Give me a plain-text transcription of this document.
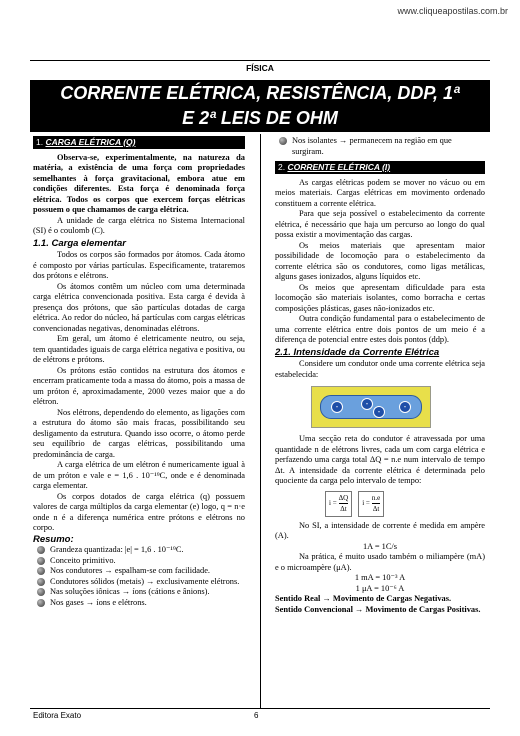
www.cliqueapostilas.com.br
FÍSICA
CORRENTE ELÉTRICA, RESISTÊNCIA, DDP, 1ª
E 2ª LEIS DE OHM
1. CARGA ELÉTRICA (Q)

Observa-se, experimentalmente, na natureza da matéria, a existência de uma força com propriedades semelhantes à força gravitacional, embora atue em condições diferentes. Esta força é denominada força elétrica. Todos os corpos que exercem forças elétricas possuem o que chamamos de carga elétrica.

A unidade de carga elétrica no Sistema Internacional (SI) é o coulomb (C).

1.1. Carga elementar

Todos os corpos são formados por átomos. Cada átomo é composto por várias partículas. Especificamente, trataremos dos prótons e elétrons.

Os átomos contêm um núcleo com uma determinada carga elétrica convencionada positiva. Esta carga é devida à presença dos prótons, que são partículas dotadas de carga elétrica. Ao redor do núcleo, há partículas com cargas elétricas convencionadas negativas, denominadas elétrons.

Em geral, um átomo é eletricamente neutro, ou seja, tem quantidades iguais de carga elétrica negativa e positiva, ou de elétrons e prótons.

Os prótons estão contidos na estrutura dos átomos e encerram praticamente toda a massa do átomo, pois a massa de um próton é, aproximadamente, 2000 vezes maior que a do elétron.

Nos elétrons, dependendo do elemento, as ligações com a estrutura do átomo são mais fracas, possibilitando seu desligamento da estrutura. Quando isso ocorre, o átomo perde seu equilíbrio de cargas elétricas, possibilitando uma predominância de carga.

A carga elétrica de um elétron é numericamente igual à de um próton e vale e = 1,6 . 10⁻¹⁹C, onde e é denominada carga elementar.

Os corpos dotados de carga elétrica (q) possuem valores de carga múltiplos da carga elementar (e) logo, q = n·e onde n é a diferença numérica entre prótons e elétrons no corpo.

Resumo:
Grandeza quantizada: |e| = 1,6 . 10⁻¹⁹C.
Conceito primitivo.
Nos condutores → espalham-se com facilidade.
Condutores sólidos (metais) → exclusivamente elétrons.
Nas soluções iônicas → íons (cátions e ânions).
Nos gases → íons e elétrons.
Nos isolantes → permanecem na região em que surgiram.
2. CORRENTE ELÉTRICA (I)

As cargas elétricas podem se mover no vácuo ou em meios materiais. Cargas elétricas em movimento ordenado constituem a corrente elétrica.

Para que seja possível o estabelecimento da corrente elétrica, é necessário que haja um percurso ao longo do qual possa existir a movimentação das cargas.

Os meios materiais que apresentam maior possibilidade de locomoção para o estabelecimento da corrente elétrica são os condutores, como ligas metálicas, alguns gases ionizados, alguns líquidos etc.

Os meios que apresentam dificuldade para esta locomoção são materiais isolantes, como borracha e certas composições plásticas, gases não-ionizados etc.

Outra condição fundamental para o estabelecimento de uma corrente elétrica entre dois pontos de um meio é a diferença de potencial entre estes dois pontos (ddp).

2.1. Intensidade da Corrente Elétrica

Considere um condutor onde uma corrente elétrica seja estabelecida:

-	-
-
-

Uma secção reta do condutor é atravessada por uma quantidade n de elétrons livres, cada um com carga elétrica e perfazendo uma carga total ΔQ = n.e num intervalo de tempo Δt. A intensidade da corrente elétrica é determinada pelo quociente da carga pelo intervalo de tempo:

$i = \frac{\Delta Q}{\Delta t}$ $i = \frac{n.e}{\Delta t}$

No SI, a intensidade de corrente é medida em ampère (A).

1A = 1C/s

Na prática, é muito usado também o miliampère (mA) e o microampère (μA).

1 mA = 10⁻³ A
1 μA = 10⁻⁶ A

Sentido Real → Movimento de Cargas Negativas.

Sentido Convencional → Movimento de Cargas Positivas.

Editora Exato	6
